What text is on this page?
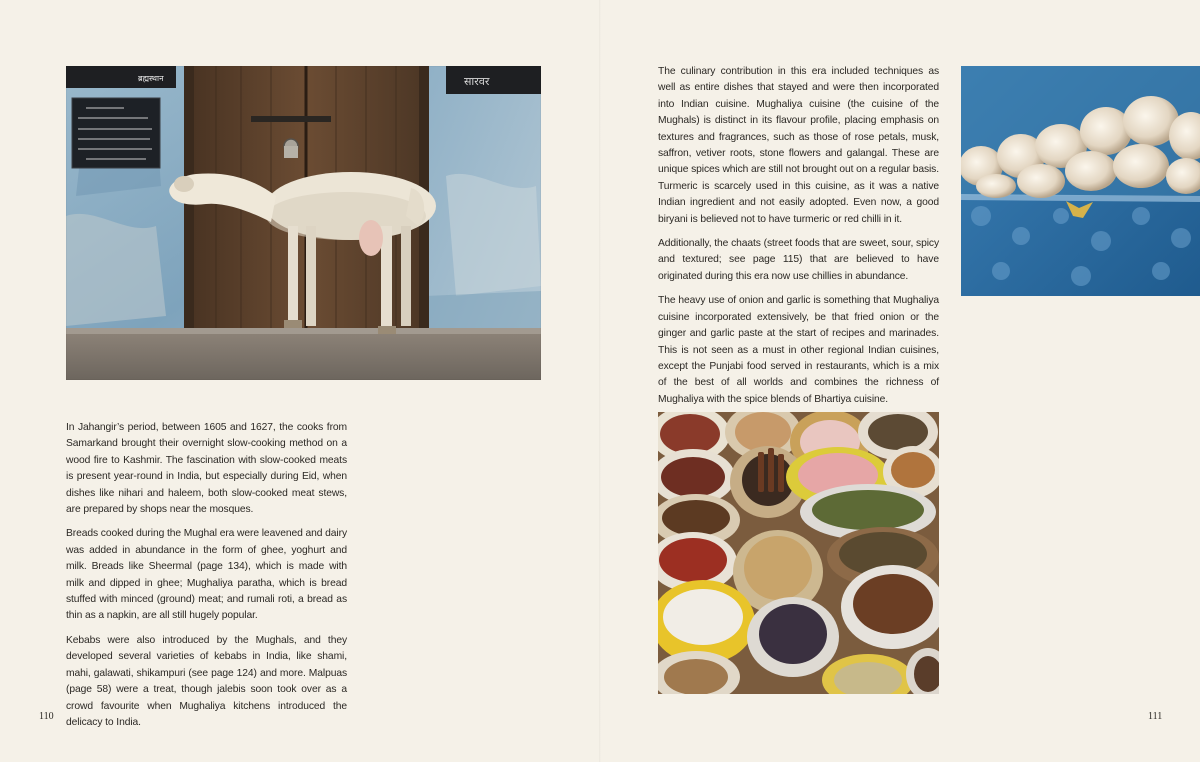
ब्रह्मस्थान	सारवर

In Jahangir’s period, between 1605 and 1627, the cooks from Samarkand brought their overnight slow-cooking method on a wood fire to Kashmir. The fascination with slow-cooked meats is present year-round in India, but especially during Eid, when dishes like nihari and haleem, both slow-cooked meat stews, are prepared by shops near the mosques.

Breads cooked during the Mughal era were leavened and dairy was added in abundance in the form of ghee, yoghurt and milk. Breads like Sheermal (page 134), which is made with milk and dipped in ghee; Mughaliya paratha, which is bread stuffed with minced (ground) meat; and rumali roti, a bread as thin as a napkin, are all still hugely popular.

Kebabs were also introduced by the Mughals, and they developed several varieties of kebabs in India, like shami, mahi, galawati, shikampuri (see page 124) and more. Malpuas (page 58) were a treat, though jalebis soon took over as a crowd favourite when Mughaliya kitchens introduced the delicacy to India.

110

The culinary contribution in this era included techniques as well as entire dishes that stayed and were then incorporated into Indian cuisine. Mughaliya cuisine (the cuisine of the Mughals) is distinct in its flavour profile, placing emphasis on textures and fragrances, such as those of rose petals, musk, saffron, vetiver roots, stone flowers and galangal. These are unique spices which are still not brought out on a regular basis. Turmeric is scarcely used in this cuisine, as it was a native Indian ingredient and not easily adopted. Even now, a good biryani is believed not to have turmeric or red chilli in it.

Additionally, the chaats (street foods that are sweet, sour, spicy and textured; see page 115) that are believed to have originated during this era now use chillies in abundance.

The heavy use of onion and garlic is something that Mughaliya cuisine incorporated extensively, be that fried onion or the ginger and garlic paste at the start of recipes and marinades. This is not seen as a must in other regional Indian cuisines, except the Punjabi food served in restaurants, which is a mix of the best of all worlds and combines the richness of Mughaliya with the spice blends of Bhartiya cuisine.

111
